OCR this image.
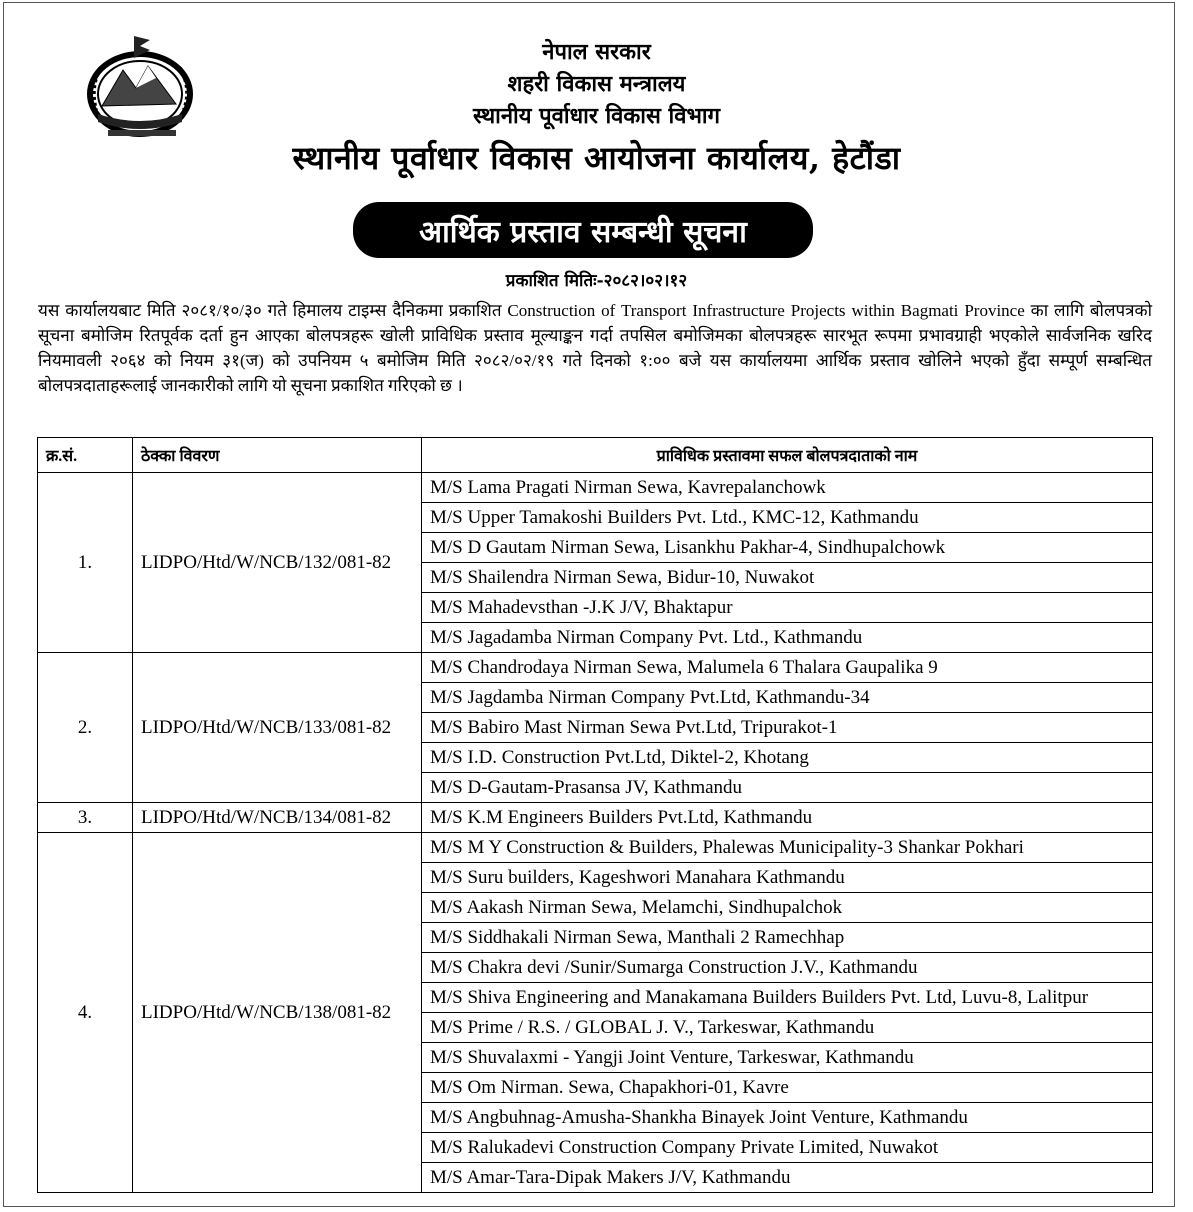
नेपाल सरकार
शहरी विकास मन्त्रालय
स्थानीय पूर्वाधार विकास विभाग
स्थानीय पूर्वाधार विकास आयोजना कार्यालय, हेटौंडा
आर्थिक प्रस्ताव सम्बन्धी सूचना
प्रकाशित मितिः-२०८२।०२।१२
यस कार्यालयबाट मिति २०८१/१०/३० गते हिमालय टाइम्स दैनिकमा प्रकाशित Construction of Transport Infrastructure Projects within Bagmati Province का लागि बोलपत्रको सूचना बमोजिम रितपूर्वक दर्ता हुन आएका बोलपत्रहरू खोली प्राविधिक प्रस्ताव मूल्याङ्कन गर्दा तपसिल बमोजिमका बोलपत्रहरू सारभूत रूपमा प्रभावग्राही भएकोले सार्वजनिक खरिद नियमावली २०६४ को नियम ३१(ज) को उपनियम ५ बमोजिम मिति २०८२/०२/१९ गते दिनको १:०० बजे यस कार्यालयमा आर्थिक प्रस्ताव खोलिने भएको हुँदा सम्पूर्ण सम्बन्धित बोलपत्रदाताहरूलाई जानकारीको लागि यो सूचना प्रकाशित गरिएको छ ।
क्र.सं.	ठेक्का विवरण	प्राविधिक प्रस्तावमा सफल बोलपत्रदाताको नाम
1.	LIDPO/Htd/W/NCB/132/081-82	M/S Lama Pragati Nirman Sewa, Kavrepalanchowk
		M/S Upper Tamakoshi Builders Pvt. Ltd., KMC-12, Kathmandu
		M/S D Gautam Nirman Sewa, Lisankhu Pakhar-4, Sindhupalchowk
		M/S Shailendra Nirman Sewa, Bidur-10, Nuwakot
		M/S Mahadevsthan -J.K J/V, Bhaktapur
		M/S Jagadamba Nirman Company Pvt. Ltd., Kathmandu
2.	LIDPO/Htd/W/NCB/133/081-82	M/S Chandrodaya Nirman Sewa, Malumela 6 Thalara Gaupalika 9
		M/S Jagdamba Nirman Company Pvt.Ltd, Kathmandu-34
		M/S Babiro Mast Nirman Sewa Pvt.Ltd, Tripurakot-1
		M/S I.D. Construction Pvt.Ltd, Diktel-2, Khotang
		M/S D-Gautam-Prasansa JV, Kathmandu
3.	LIDPO/Htd/W/NCB/134/081-82	M/S K.M Engineers Builders Pvt.Ltd, Kathmandu
4.	LIDPO/Htd/W/NCB/138/081-82	M/S M Y Construction & Builders, Phalewas Municipality-3 Shankar Pokhari
		M/S Suru builders, Kageshwori Manahara Kathmandu
		M/S Aakash Nirman Sewa, Melamchi, Sindhupalchok
		M/S Siddhakali Nirman Sewa, Manthali 2 Ramechhap
		M/S Chakra devi /Sunir/Sumarga Construction J.V., Kathmandu
		M/S Shiva Engineering and Manakamana Builders Builders Pvt. Ltd, Luvu-8, Lalitpur
		M/S Prime / R.S. / GLOBAL J. V., Tarkeswar, Kathmandu
		M/S Shuvalaxmi - Yangji Joint Venture, Tarkeswar, Kathmandu
		M/S Om Nirman. Sewa, Chapakhori-01, Kavre
		M/S Angbuhnag-Amusha-Shankha Binayek Joint Venture, Kathmandu
		M/S Ralukadevi Construction Company Private Limited, Nuwakot
		M/S Amar-Tara-Dipak Makers J/V, Kathmandu
